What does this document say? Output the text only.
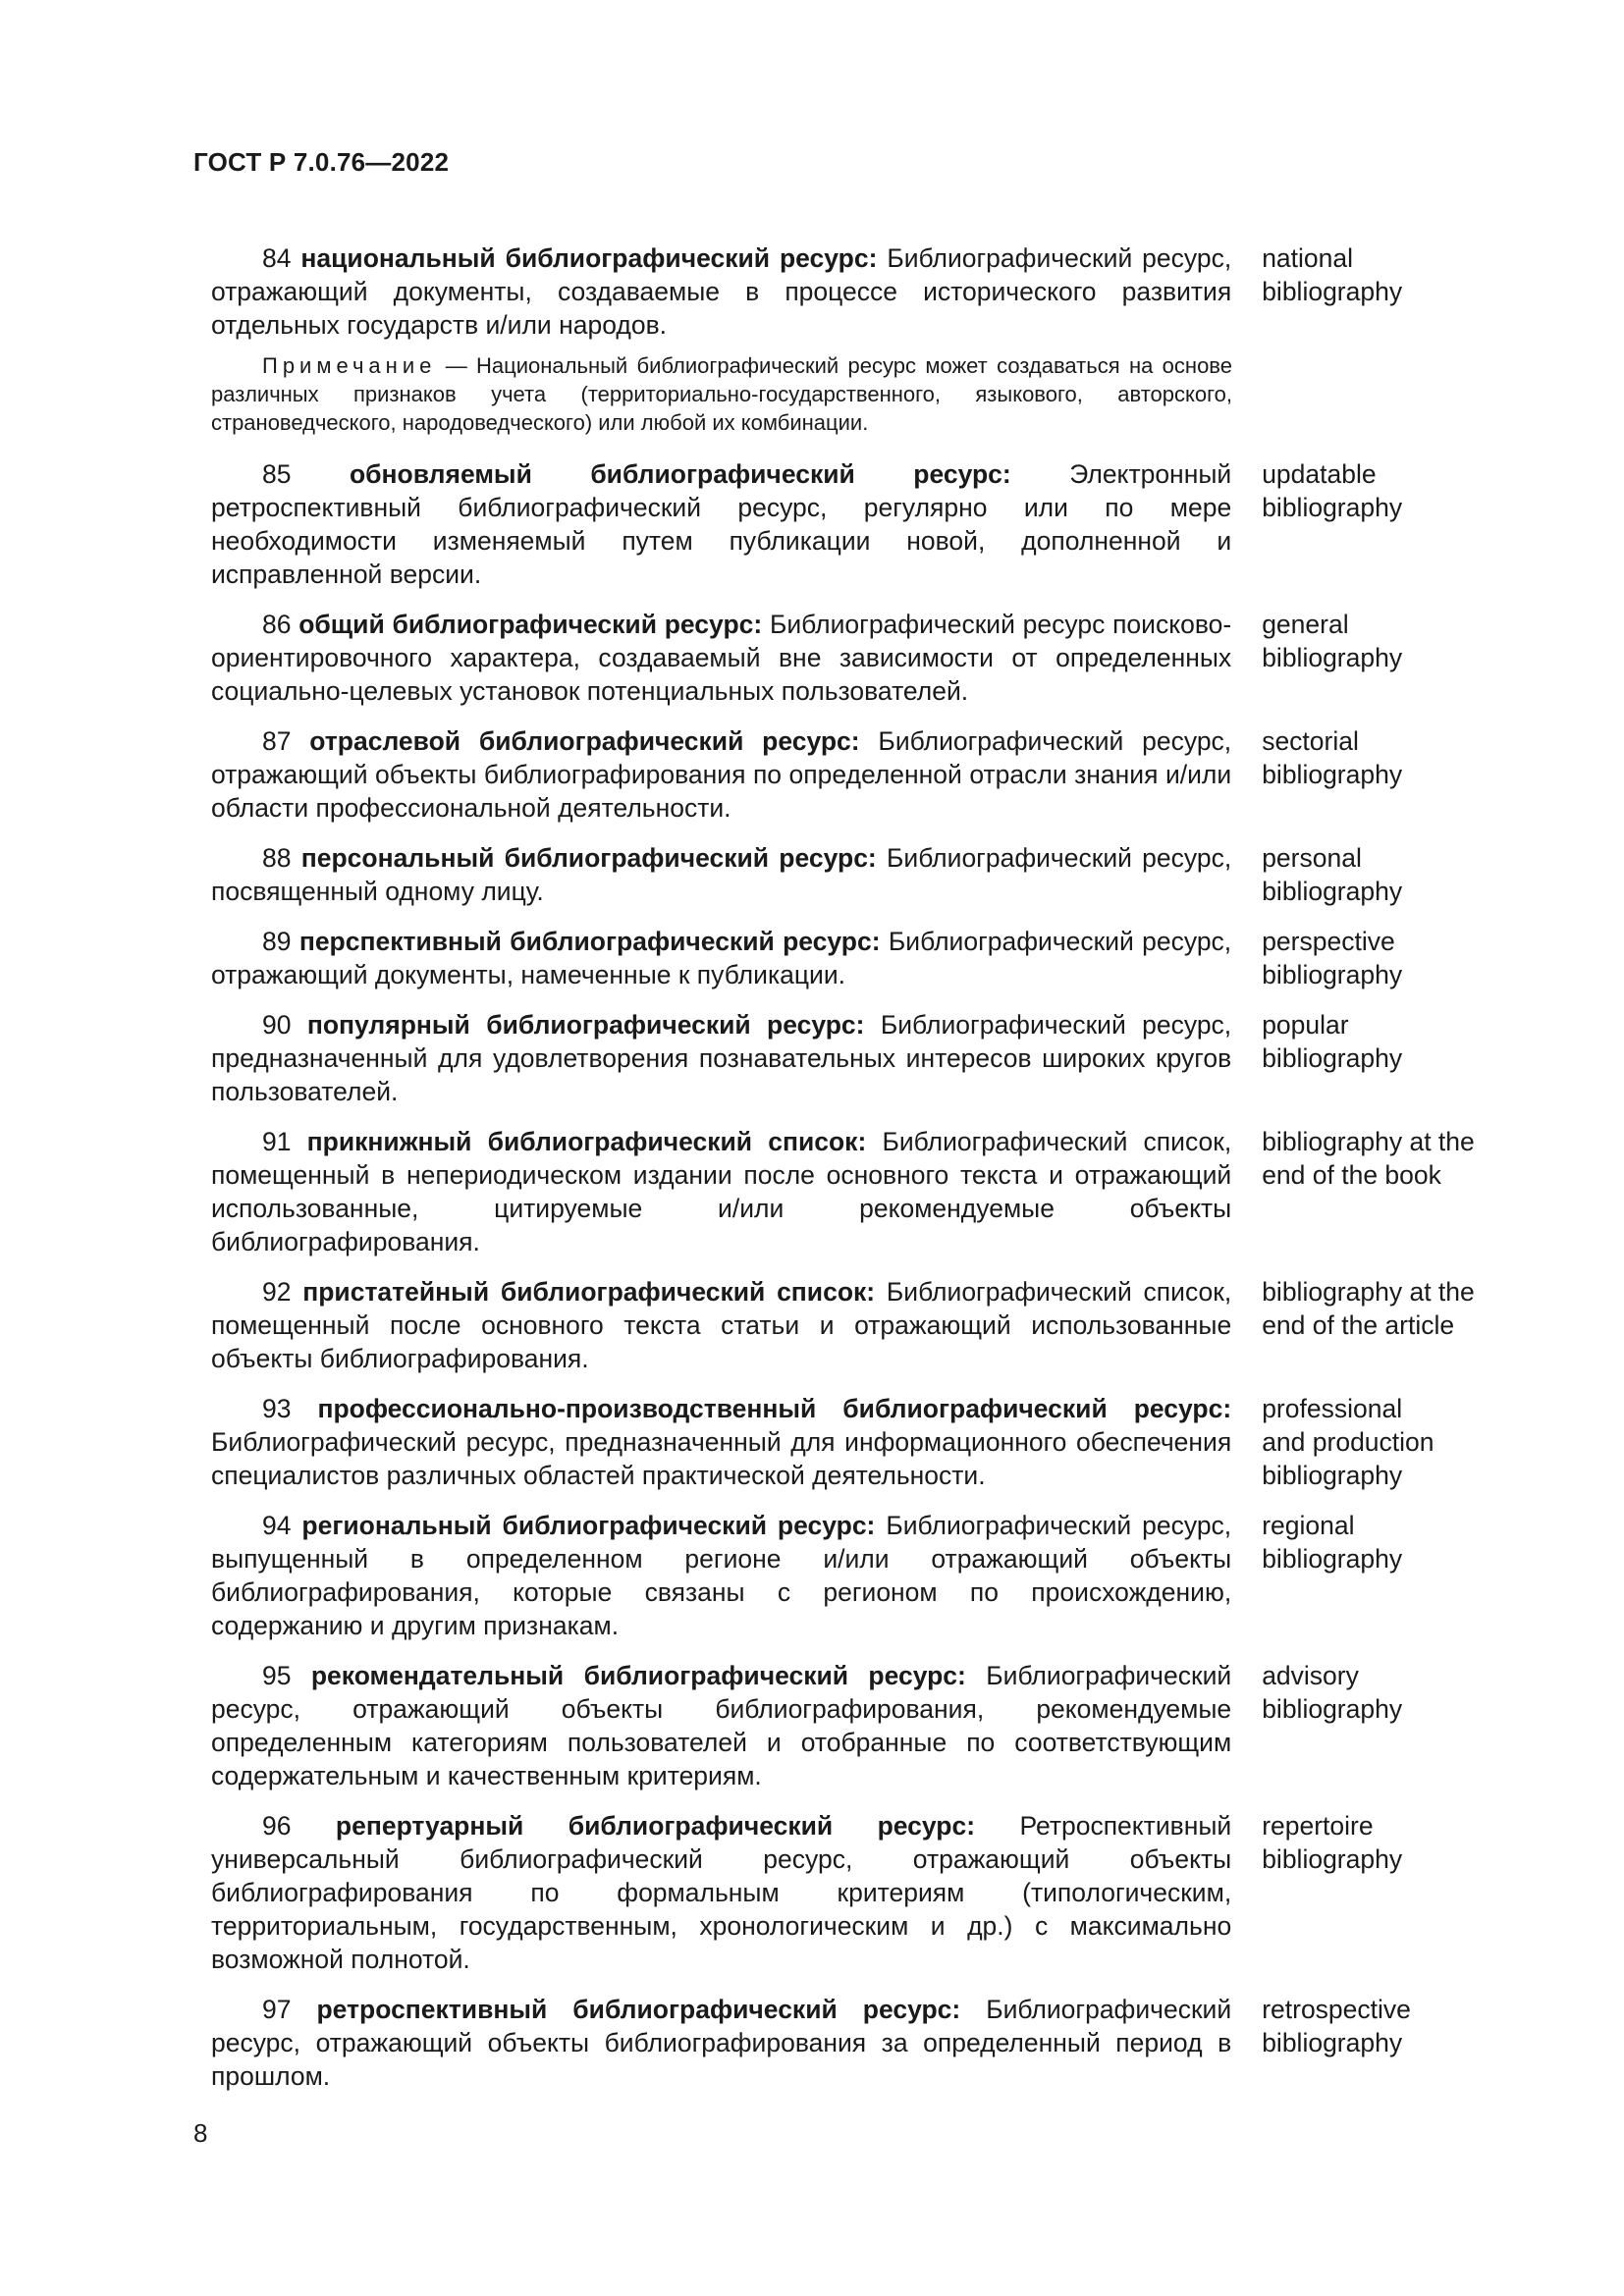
ГОСТ Р 7.0.76—2022
84 национальный библиографический ресурс: Библиографический ресурс, отражающий документы, создаваемые в процессе исторического развития отдельных государств и/или народов.
national
bibliography
Примечание — Национальный библиографический ресурс может создаваться на основе различных признаков учета (территориально-государственного, языкового, авторского, страноведческого, народоведческого) или любой их комбинации.
85 обновляемый библиографический ресурс: Электронный ретроспективный библиографический ресурс, регулярно или по мере необходимости изменяемый путем публикации новой, дополненной и исправленной версии.
updatable
bibliography
86 общий библиографический ресурс: Библиографический ресурс поисково-ориентировочного характера, создаваемый вне зависимости от определенных социально-целевых установок потенциальных пользователей.
general
bibliography
87 отраслевой библиографический ресурс: Библиографический ресурс, отражающий объекты библиографирования по определенной отрасли знания и/или области профессиональной деятельности.
sectorial
bibliography
88 персональный библиографический ресурс: Библиографический ресурс, посвященный одному лицу.
personal
bibliography
89 перспективный библиографический ресурс: Библиографический ресурс, отражающий документы, намеченные к публикации.
perspective
bibliography
90 популярный библиографический ресурс: Библиографический ресурс, предназначенный для удовлетворения познавательных интересов широких кругов пользователей.
popular
bibliography
91 прикнижный библиографический список: Библиографический список, помещенный в непериодическом издании после основного текста и отражающий использованные, цитируемые и/или рекомендуемые объекты библиографирования.
bibliography at the
end of the book
92 пристатейный библиографический список: Библиографический список, помещенный после основного текста статьи и отражающий использованные объекты библиографирования.
bibliography at the
end of the article
93 профессионально-производственный библиографический ресурс: Библиографический ресурс, предназначенный для информационного обеспечения специалистов различных областей практической деятельности.
professional
and production
bibliography
94 региональный библиографический ресурс: Библиографический ресурс, выпущенный в определенном регионе и/или отражающий объекты библиографирования, которые связаны с регионом по происхождению, содержанию и другим признакам.
regional
bibliography
95 рекомендательный библиографический ресурс: Библиографический ресурс, отражающий объекты библиографирования, рекомендуемые определенным категориям пользователей и отобранные по соответствующим содержательным и качественным критериям.
advisory
bibliography
96 репертуарный библиографический ресурс: Ретроспективный универсальный библиографический ресурс, отражающий объекты библиографирования по формальным критериям (типологическим, территориальным, государственным, хронологическим и др.) с максимально возможной полнотой.
repertoire
bibliography
97 ретроспективный библиографический ресурс: Библиографический ресурс, отражающий объекты библиографирования за определенный период в прошлом.
retrospective
bibliography
8
